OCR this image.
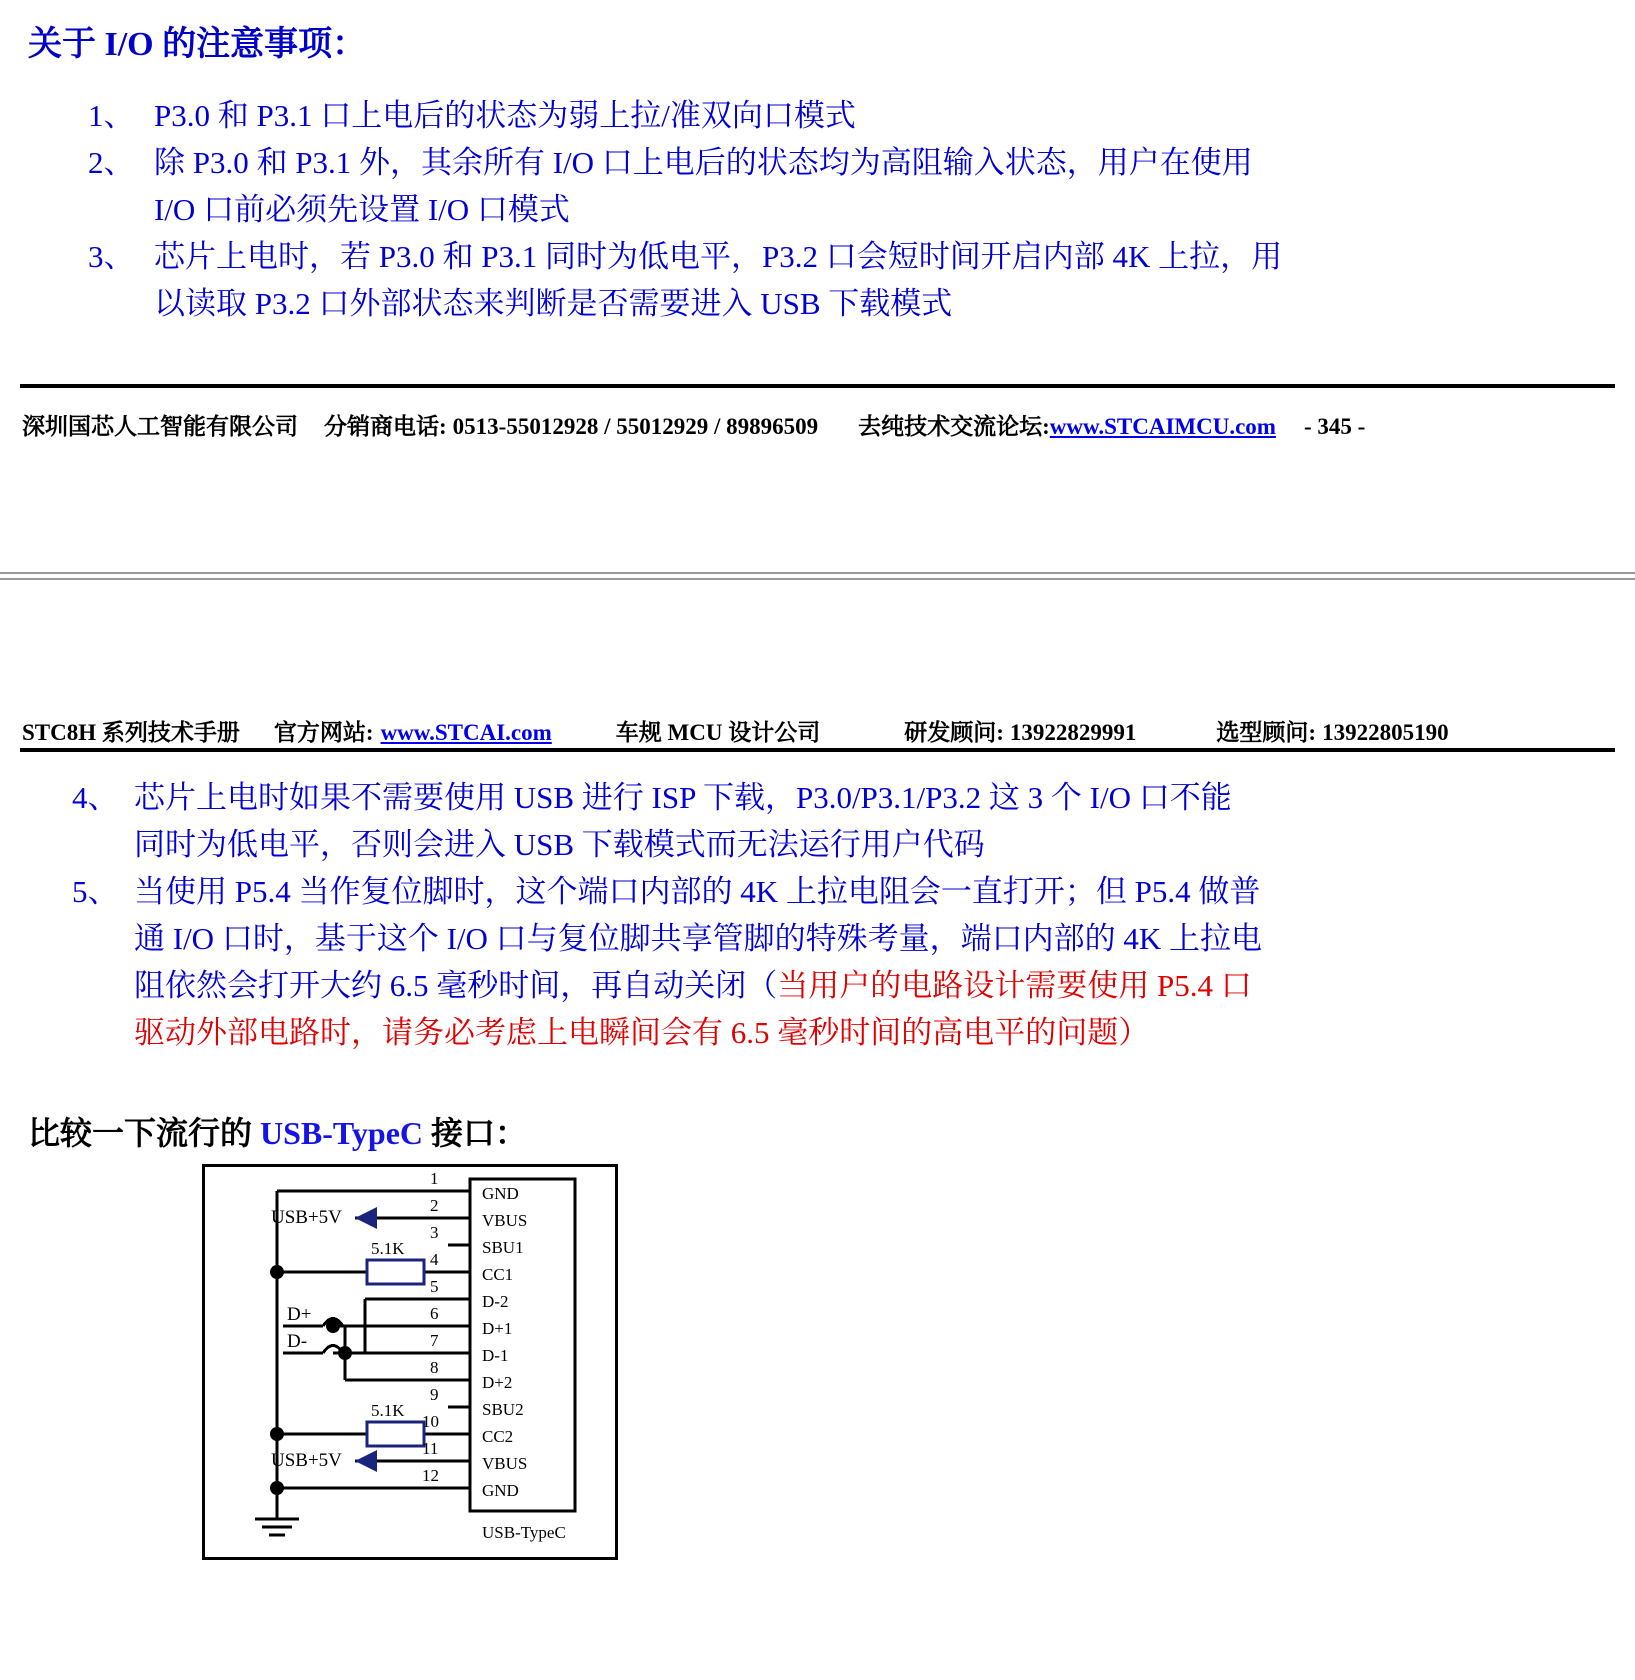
关于 I/O 的注意事项：
1、 P3.0 和 P3.1 口上电后的状态为弱上拉/准双向口模式
2、 除 P3.0 和 P3.1 外，其余所有 I/O 口上电后的状态均为高阻输入状态，用户在使用
I/O 口前必须先设置 I/O 口模式
3、 芯片上电时，若 P3.0 和 P3.1 同时为低电平，P3.2 口会短时间开启内部 4K 上拉，用
以读取 P3.2 口外部状态来判断是否需要进入 USB 下载模式
深圳国芯人工智能有限公司 分销商电话: 0513-55012928 / 55012929 / 89896509 去纯技术交流论坛: www.STCAIMCU.com - 345 -
STC8H 系列技术手册 官方网站: www.STCAI.com	车规 MCU 设计公司	研发顾问: 13922829991	选型顾问: 13922805190
4、 芯片上电时如果不需要使用 USB 进行 ISP 下载，P3.0/P3.1/P3.2 这 3 个 I/O 口不能
同时为低电平，否则会进入 USB 下载模式而无法运行用户代码
5、 当使用 P5.4 当作复位脚时，这个端口内部的 4K 上拉电阻会一直打开；但 P5.4 做普
通 I/O 口时，基于这个 I/O 口与复位脚共享管脚的特殊考量，端口内部的 4K 上拉电
阻依然会打开大约 6.5 毫秒时间，再自动关闭（当用户的电路设计需要使用 P5.4 口
驱动外部电路时，请务必考虑上电瞬间会有 6.5 毫秒时间的高电平的问题）
比较一下流行的 USB-TypeC 接口：
1
2
3
4
5
6
7
8
9
10
11
12
GND
VBUS
SBU1
CC1
D-2
D+1
D-1
D+2
SBU2
CC2
VBUS
GND
USB+5V
USB+5V
D+
D-
5.1K
5.1K
USB-TypeC
